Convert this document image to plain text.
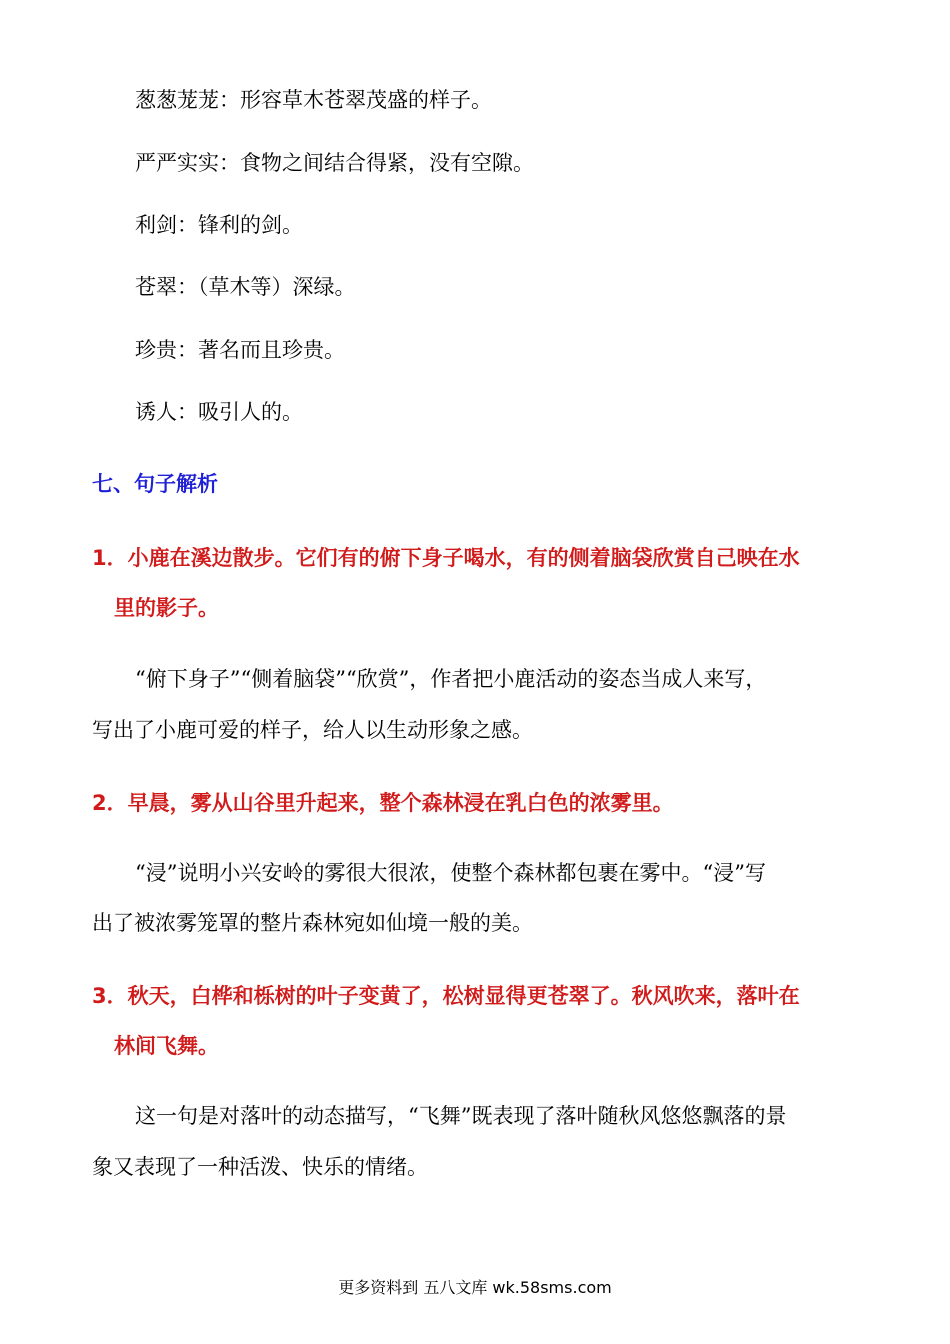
葱葱茏茏：形容草木苍翠茂盛的样子。
严严实实：食物之间结合得紧，没有空隙。
利剑：锋利的剑。
苍翠：（草木等）深绿。
珍贵：著名而且珍贵。
诱人：吸引人的。
七、句子解析
1．小鹿在溪边散步。它们有的俯下身子喝水，有的侧着脑袋欣赏自己映在水
里的影子。
“俯下身子”“侧着脑袋”“欣赏”，作者把小鹿活动的姿态当成人来写，
写出了小鹿可爱的样子，给人以生动形象之感。
2．早晨，雾从山谷里升起来，整个森林浸在乳白色的浓雾里。
“浸”说明小兴安岭的雾很大很浓，使整个森林都包裹在雾中。“浸”写
出了被浓雾笼罩的整片森林宛如仙境一般的美。
3．秋天，白桦和栎树的叶子变黄了，松树显得更苍翠了。秋风吹来，落叶在
林间飞舞。
这一句是对落叶的动态描写，“飞舞”既表现了落叶随秋风悠悠飘落的景
象又表现了一种活泼、快乐的情绪。
更多资料到 五八文库 wk.58sms.com
